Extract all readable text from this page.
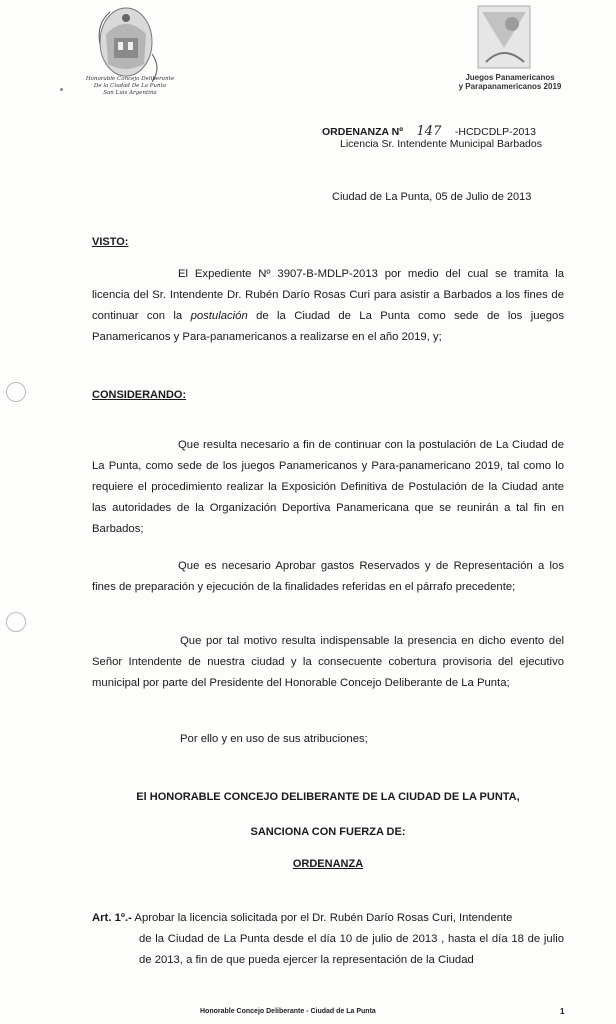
Honorable Concejo Deliberante
De la Ciudad De La Punta
San Luis Argentina
Juegos Panamericanos
y Parapanamericanos 2019
ORDENANZA Nº 147 -HCDCDLP-2013
Licencia Sr. Intendente Municipal Barbados
Ciudad de La Punta, 05 de Julio de 2013
VISTO:
El Expediente Nº 3907-B-MDLP-2013 por medio del cual se tramita la licencia del Sr. Intendente Dr. Rubén Darío Rosas Curi para asistir a Barbados a los fines de continuar con la postulación de la Ciudad de La Punta como sede de los juegos Panamericanos y Para-panamericanos a realizarse en el año 2019, y;
CONSIDERANDO:
Que resulta necesario a fin de continuar con la postulación de La Ciudad de La Punta, como sede de los juegos Panamericanos y Para-panamericano 2019, tal como lo requiere el procedimiento realizar la Exposición Definitiva de Postulación de la Ciudad ante las autoridades de la Organización Deportiva Panamericana que se reunirán a tal fin en Barbados;
Que es necesario Aprobar gastos Reservados y de Representación a los fines de preparación y ejecución de la finalidades referidas en el párrafo precedente;
Que por tal motivo resulta indispensable la presencia en dicho evento del Señor Intendente de nuestra ciudad y la consecuente cobertura provisoria del ejecutivo municipal por parte del Presidente del Honorable Concejo Deliberante de La Punta;
Por ello y en uso de sus atribuciones;
El HONORABLE CONCEJO DELIBERANTE DE LA CIUDAD DE LA PUNTA,
SANCIONA CON FUERZA DE:
ORDENANZA
Art. 1º.- Aprobar la licencia solicitada por el Dr. Rubén Darío Rosas Curi, Intendente
de la Ciudad de La Punta desde el día 10 de julio de 2013 , hasta el día 18 de julio de 2013, a fin de que pueda ejercer la representación de la Ciudad
Honorable Concejo Deliberante - Ciudad de La Punta	1
